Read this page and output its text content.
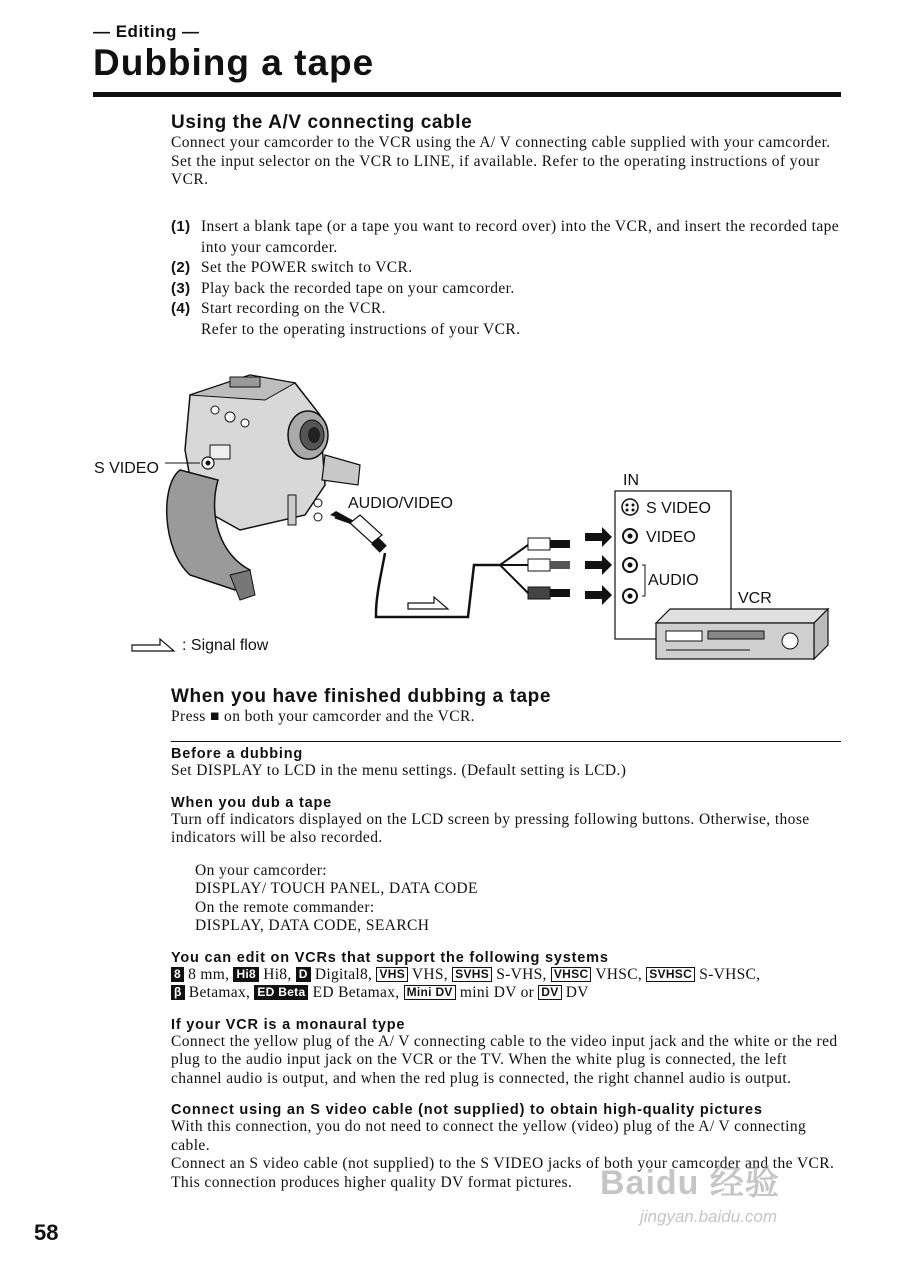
— Editing —
Dubbing a tape
Using the A/V connecting cable

Connect your camcorder to the VCR using the A/ V connecting cable supplied with your camcorder.

Set the input selector on the VCR to LINE, if available. Refer to the operating instructions of your VCR.

(1) Insert a blank tape (or a tape you want to record over) into the VCR, and insert the recorded tape into your camcorder.
(2) Set the POWER switch to VCR.
(3) Play back the recorded tape on your camcorder.
(4) Start recording on the VCR.
Refer to the operating instructions of your VCR.
S VIDEO
AUDIO/VIDEO
IN
S VIDEO
VIDEO
AUDIO
VCR
: Signal flow
When you have finished dubbing a tape

Press ■ on both your camcorder and the VCR.

Before a dubbing

Set DISPLAY to LCD in the menu settings. (Default setting is LCD.)

When you dub a tape

Turn off indicators displayed on the LCD screen by pressing following buttons. Otherwise, those indicators will be also recorded.

On your camcorder:

DISPLAY/ TOUCH PANEL, DATA CODE

On the remote commander:

DISPLAY, DATA CODE, SEARCH

You can edit on VCRs that support the following systems

8 8 mm, Hi8 Hi8, D Digital8, VHS VHS, SVHS S-VHS, VHSC VHSC, SVHSC S-VHSC,

β Betamax, ED Beta ED Betamax, Mini DV mini DV or DV DV

If your VCR is a monaural type

Connect the yellow plug of the A/ V connecting cable to the video input jack and the white or the red plug to the audio input jack on the VCR or the TV. When the white plug is connected, the left channel audio is output, and when the red plug is connected, the right channel audio is output.

Connect using an S video cable (not supplied) to obtain high-quality pictures

With this connection, you do not need to connect the yellow (video) plug of the A/ V connecting cable.

Connect an S video cable (not supplied) to the S VIDEO jacks of both your camcorder and the VCR.

This connection produces higher quality DV format pictures.

58
Baidu 经验
jingyan.baidu.com
